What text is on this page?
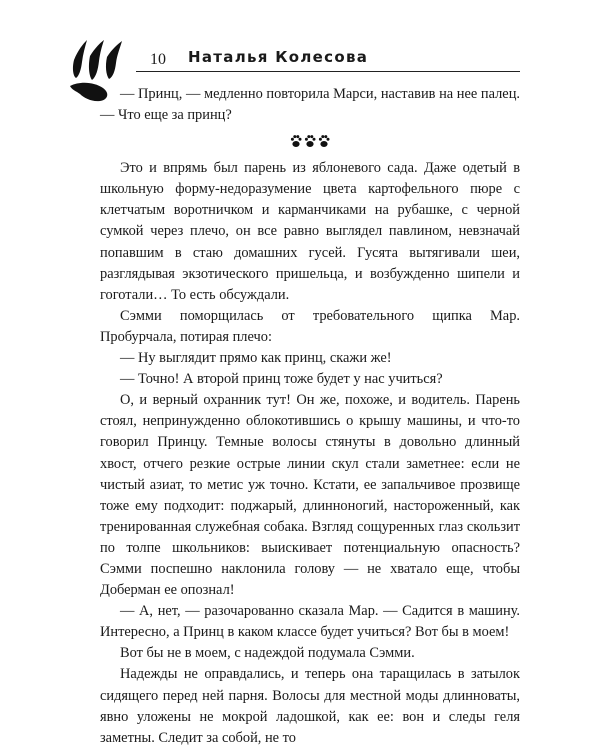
10 Наталья Колесова

— Принц, — медленно повторила Марси, наставив на нее палец. — Что еще за принц?

Это и впрямь был парень из яблоневого сада. Даже одетый в школьную форму-недоразумение цвета картофельного пюре с клетчатым воротничком и карманчиками на рубашке, с черной сумкой через плечо, он все равно выглядел павлином, невзначай попавшим в стаю домашних гусей. Гусята вытягивали шеи, разглядывая экзотического пришельца, и возбужденно шипели и гоготали… То есть обсуждали.

Сэмми поморщилась от требовательного щипка Мар. Пробурчала, потирая плечо:

— Ну выглядит прямо как принц, скажи же!

— Точно! А второй принц тоже будет у нас учиться?

О, и верный охранник тут! Он же, похоже, и водитель. Парень стоял, непринужденно облокотившись о крышу машины, и что-то говорил Принцу. Темные волосы стянуты в довольно длинный хвост, отчего резкие острые линии скул стали заметнее: если не чистый азиат, то метис уж точно. Кстати, ее запальчивое прозвище тоже ему подходит: поджарый, длинноногий, настороженный, как тренированная служебная собака. Взгляд сощуренных глаз скользит по толпе школьников: выискивает потенциальную опасность? Сэмми поспешно наклонила голову — не хватало еще, чтобы Доберман ее опознал!

— А, нет, — разочарованно сказала Мар. — Садится в машину. Интересно, а Принц в каком классе будет учиться? Вот бы в моем!

Вот бы не в моем, с надеждой подумала Сэмми.

Надежды не оправдались, и теперь она таращилась в затылок сидящего перед ней парня. Волосы для местной моды длинноваты, явно уложены не мокрой ладошкой, как ее: вон и следы геля заметны. Следит за собой, не то
